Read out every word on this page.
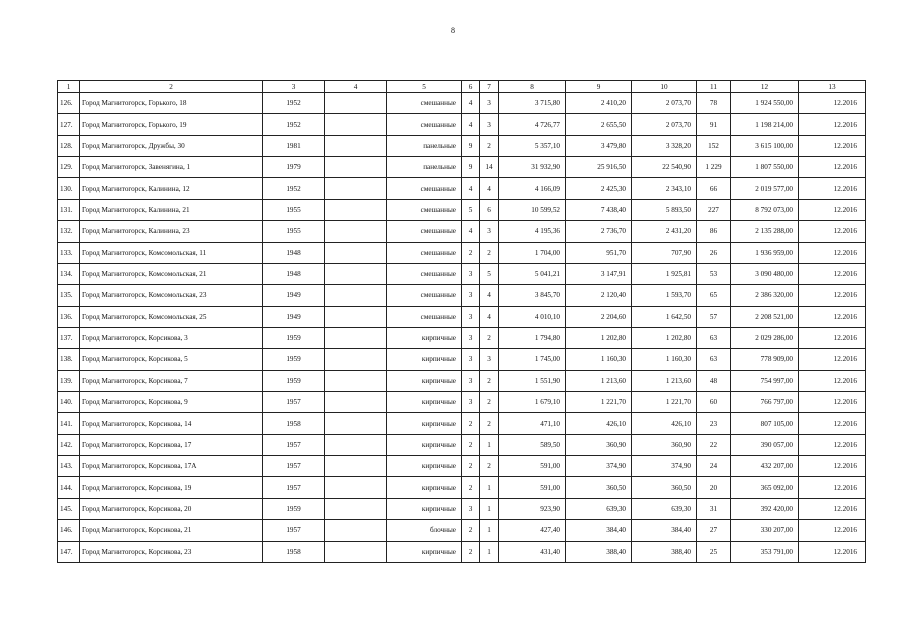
8
1	2	3	4	5	6	7	8	9	10	11	12	13
126.	Город Магнитогорск, Горького, 18	1952		смешанные	4	3	3 715,80	2 410,20	2 073,70	78	1 924 550,00	12.2016
127.	Город Магнитогорск, Горького, 19	1952		смешанные	4	3	4 726,77	2 655,50	2 073,70	91	1 198 214,00	12.2016
128.	Город Магнитогорск, Дружбы, 30	1981		панельные	9	2	5 357,10	3 479,80	3 328,20	152	3 615 100,00	12.2016
129.	Город Магнитогорск, Завенягина, 1	1979		панельные	9	14	31 932,90	25 916,50	22 540,90	1 229	1 807 550,00	12.2016
130.	Город Магнитогорск, Калинина, 12	1952		смешанные	4	4	4 166,09	2 425,30	2 343,10	66	2 019 577,00	12.2016
131.	Город Магнитогорск, Калинина, 21	1955		смешанные	5	6	10 599,52	7 438,40	5 893,50	227	8 792 073,00	12.2016
132.	Город Магнитогорск, Калинина, 23	1955		смешанные	4	3	4 195,36	2 736,70	2 431,20	86	2 135 288,00	12.2016
133.	Город Магнитогорск, Комсомольская, 11	1948		смешанные	2	2	1 704,00	951,70	707,90	26	1 936 959,00	12.2016
134.	Город Магнитогорск, Комсомольская, 21	1948		смешанные	3	5	5 041,21	3 147,91	1 925,81	53	3 090 480,00	12.2016
135.	Город Магнитогорск, Комсомольская, 23	1949		смешанные	3	4	3 845,70	2 120,40	1 593,70	65	2 386 320,00	12.2016
136.	Город Магнитогорск, Комсомольская, 25	1949		смешанные	3	4	4 010,10	2 204,60	1 642,50	57	2 208 521,00	12.2016
137.	Город Магнитогорск, Корсикова, 3	1959		кирпичные	3	2	1 794,80	1 202,80	1 202,80	63	2 029 286,00	12.2016
138.	Город Магнитогорск, Корсикова, 5	1959		кирпичные	3	3	1 745,00	1 160,30	1 160,30	63	778 909,00	12.2016
139.	Город Магнитогорск, Корсикова, 7	1959		кирпичные	3	2	1 551,90	1 213,60	1 213,60	48	754 997,00	12.2016
140.	Город Магнитогорск, Корсикова, 9	1957		кирпичные	3	2	1 679,10	1 221,70	1 221,70	60	766 797,00	12.2016
141.	Город Магнитогорск, Корсикова, 14	1958		кирпичные	2	2	471,10	426,10	426,10	23	807 105,00	12.2016
142.	Город Магнитогорск, Корсикова, 17	1957		кирпичные	2	1	589,50	360,90	360,90	22	390 057,00	12.2016
143.	Город Магнитогорск, Корсикова, 17А	1957		кирпичные	2	2	591,00	374,90	374,90	24	432 207,00	12.2016
144.	Город Магнитогорск, Корсикова, 19	1957		кирпичные	2	1	591,00	360,50	360,50	20	365 092,00	12.2016
145.	Город Магнитогорск, Корсикова, 20	1959		кирпичные	3	1	923,90	639,30	639,30	31	392 420,00	12.2016
146.	Город Магнитогорск, Корсикова, 21	1957		блочные	2	1	427,40	384,40	384,40	27	330 207,00	12.2016
147.	Город Магнитогорск, Корсикова, 23	1958		кирпичные	2	1	431,40	388,40	388,40	25	353 791,00	12.2016
